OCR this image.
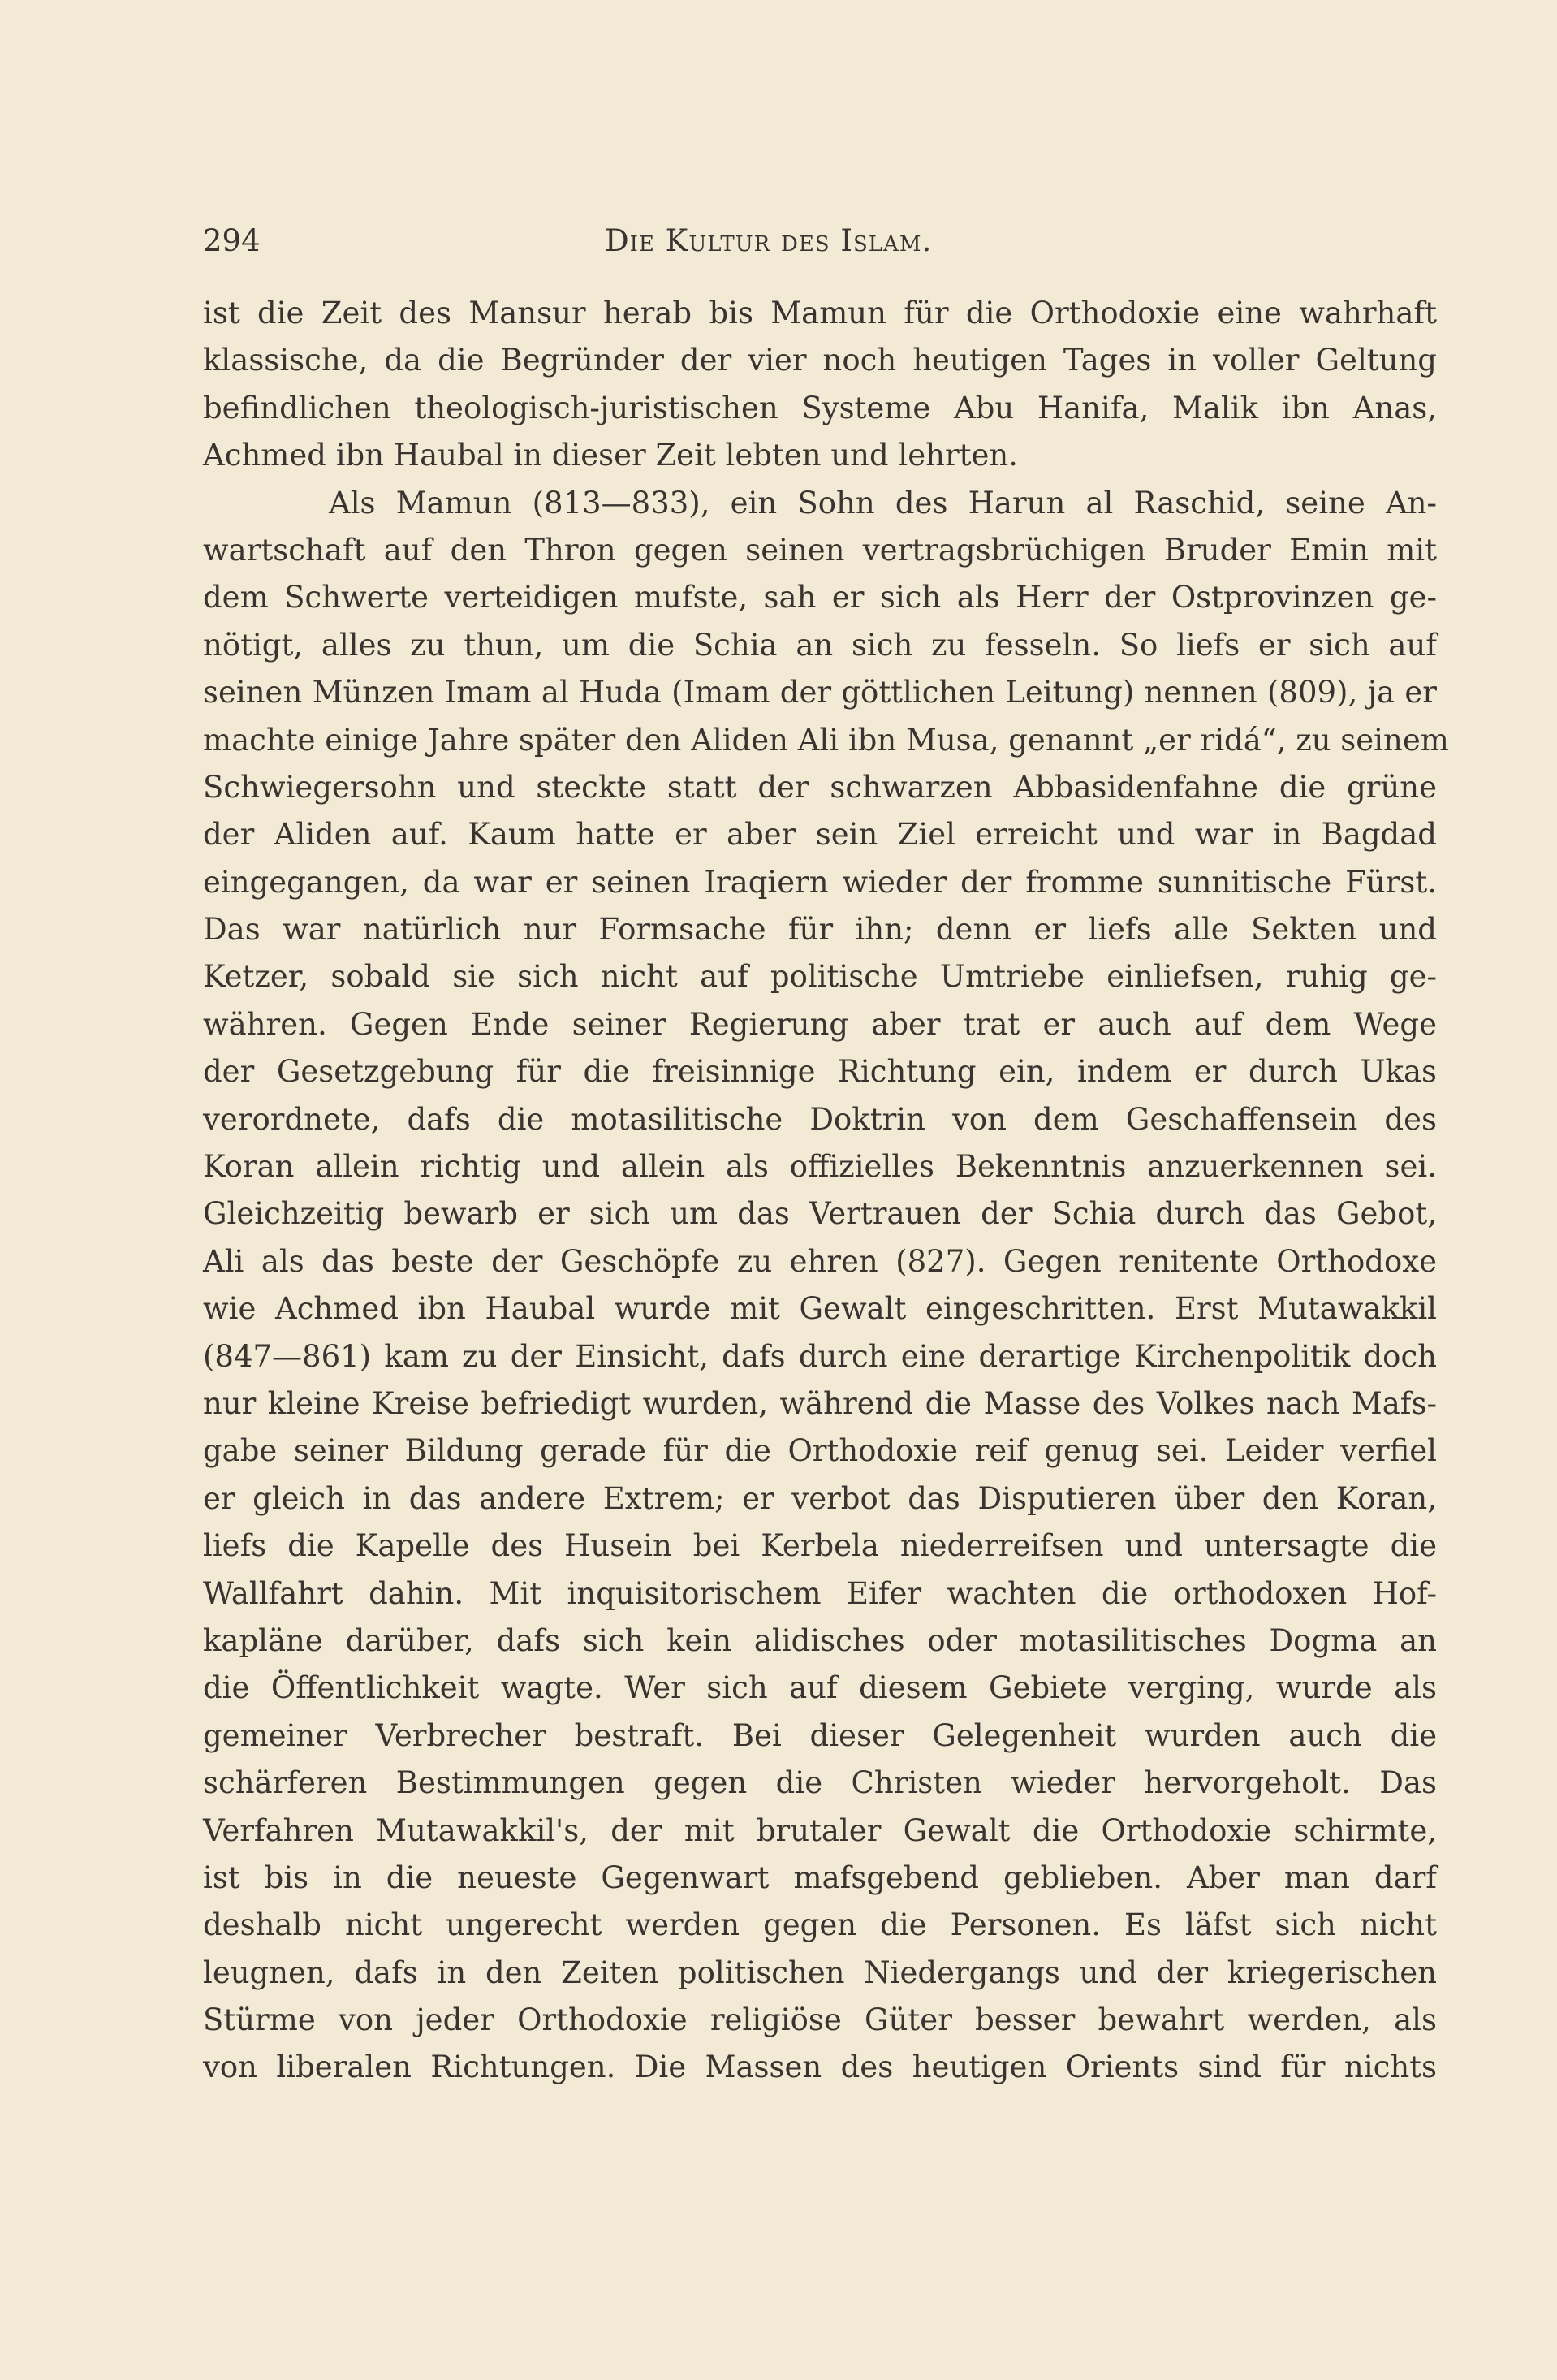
294	Die Kultur des Islam.
ist die Zeit des Mansur herab bis Mamun für die Orthodoxie eine wahrhaft
klassische, da die Begründer der vier noch heutigen Tages in voller Geltung
befindlichen theologisch-juristischen Systeme Abu Hanifa, Malik ibn Anas,
Achmed ibn Haubal in dieser Zeit lebten und lehrten.
Als Mamun (813—833), ein Sohn des Harun al Raschid, seine An-
wartschaft auf den Thron gegen seinen vertragsbrüchigen Bruder Emin mit
dem Schwerte verteidigen mufste, sah er sich als Herr der Ostprovinzen ge-
nötigt, alles zu thun, um die Schia an sich zu fesseln. So liefs er sich auf
seinen Münzen Imam al Huda (Imam der göttlichen Leitung) nennen (809), ja er
machte einige Jahre später den Aliden Ali ibn Musa, genannt „er ridá“, zu seinem
Schwiegersohn und steckte statt der schwarzen Abbasidenfahne die grüne
der Aliden auf. Kaum hatte er aber sein Ziel erreicht und war in Bagdad
eingegangen, da war er seinen Iraqiern wieder der fromme sunnitische Fürst.
Das war natürlich nur Formsache für ihn; denn er liefs alle Sekten und
Ketzer, sobald sie sich nicht auf politische Umtriebe einliefsen, ruhig ge-
währen. Gegen Ende seiner Regierung aber trat er auch auf dem Wege
der Gesetzgebung für die freisinnige Richtung ein, indem er durch Ukas
verordnete, dafs die motasilitische Doktrin von dem Geschaffensein des
Koran allein richtig und allein als offizielles Bekenntnis anzuerkennen sei.
Gleichzeitig bewarb er sich um das Vertrauen der Schia durch das Gebot,
Ali als das beste der Geschöpfe zu ehren (827). Gegen renitente Orthodoxe
wie Achmed ibn Haubal wurde mit Gewalt eingeschritten. Erst Mutawakkil
(847—861) kam zu der Einsicht, dafs durch eine derartige Kirchenpolitik doch
nur kleine Kreise befriedigt wurden, während die Masse des Volkes nach Mafs-
gabe seiner Bildung gerade für die Orthodoxie reif genug sei. Leider verfiel
er gleich in das andere Extrem; er verbot das Disputieren über den Koran,
liefs die Kapelle des Husein bei Kerbela niederreifsen und untersagte die
Wallfahrt dahin. Mit inquisitorischem Eifer wachten die orthodoxen Hof-
kapläne darüber, dafs sich kein alidisches oder motasilitisches Dogma an
die Öffentlichkeit wagte. Wer sich auf diesem Gebiete verging, wurde als
gemeiner Verbrecher bestraft. Bei dieser Gelegenheit wurden auch die
schärferen Bestimmungen gegen die Christen wieder hervorgeholt. Das
Verfahren Mutawakkil's, der mit brutaler Gewalt die Orthodoxie schirmte,
ist bis in die neueste Gegenwart mafsgebend geblieben. Aber man darf
deshalb nicht ungerecht werden gegen die Personen. Es läfst sich nicht
leugnen, dafs in den Zeiten politischen Niedergangs und der kriegerischen
Stürme von jeder Orthodoxie religiöse Güter besser bewahrt werden, als
von liberalen Richtungen. Die Massen des heutigen Orients sind für nichts
